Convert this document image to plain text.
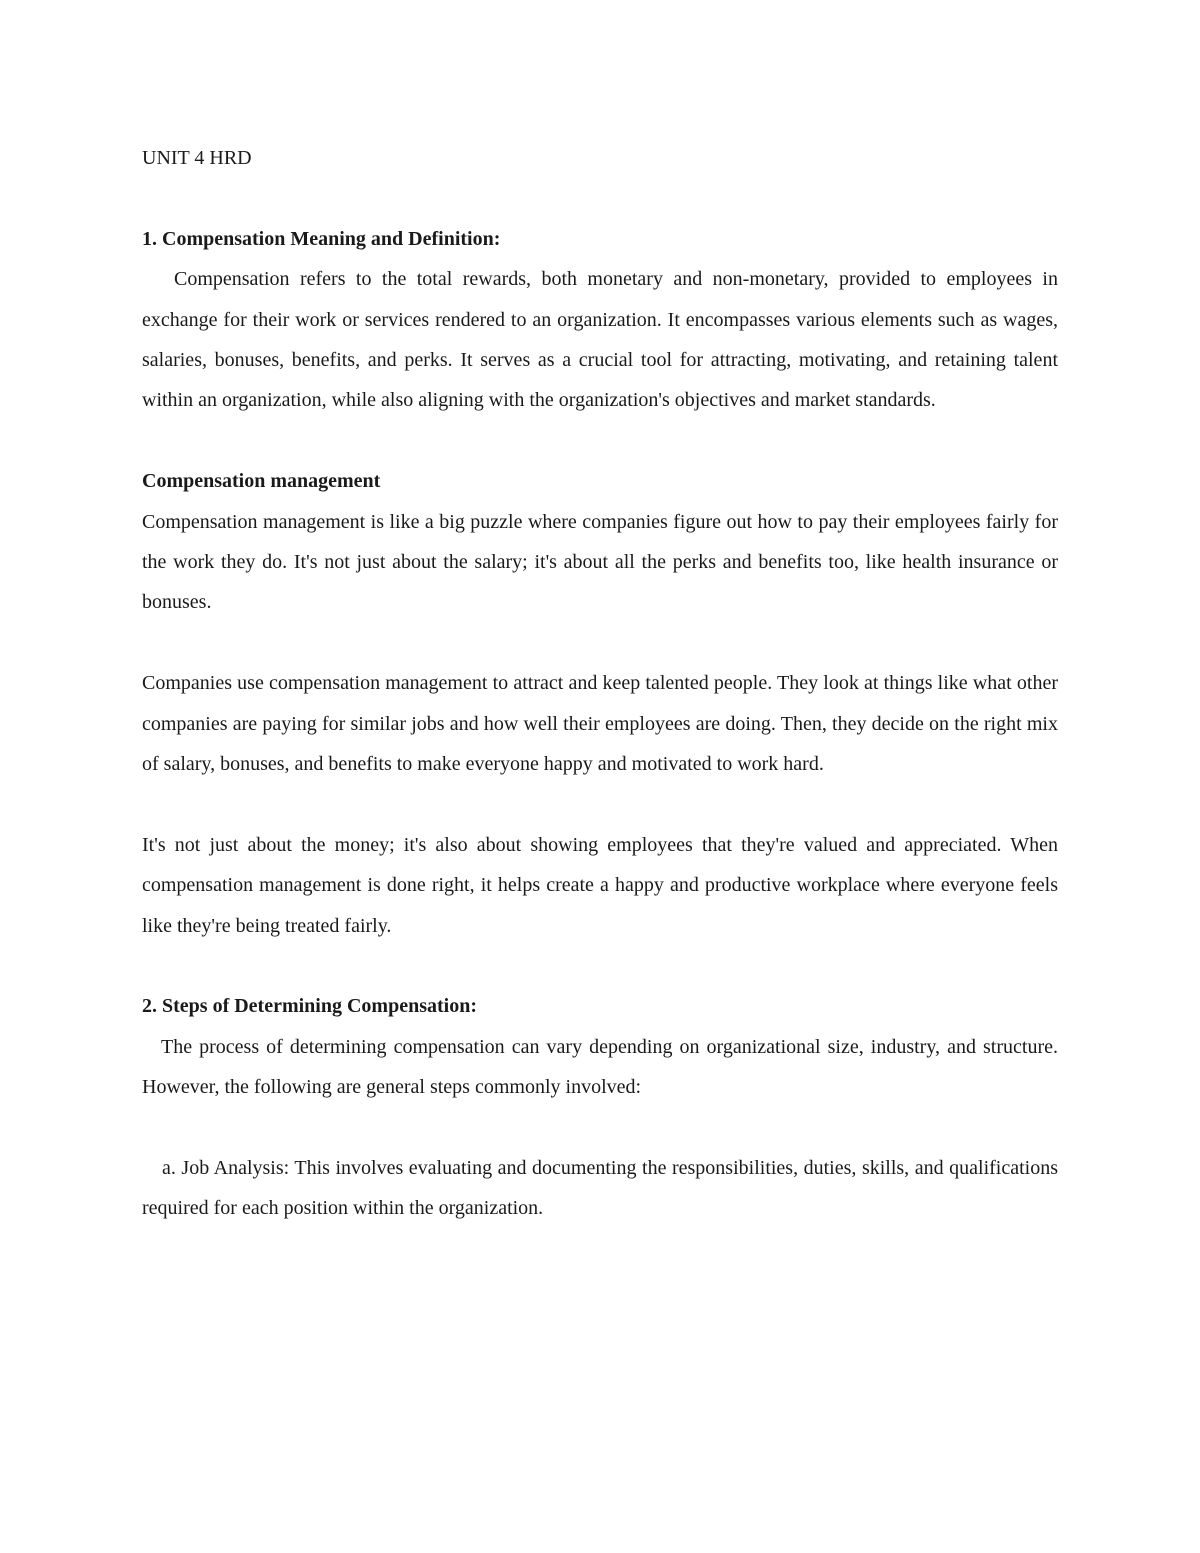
UNIT 4 HRD

1. Compensation Meaning and Definition:

Compensation refers to the total rewards, both monetary and non-monetary, provided to employees in exchange for their work or services rendered to an organization. It encompasses various elements such as wages, salaries, bonuses, benefits, and perks. It serves as a crucial tool for attracting, motivating, and retaining talent within an organization, while also aligning with the organization's objectives and market standards.

Compensation management

Compensation management is like a big puzzle where companies figure out how to pay their employees fairly for the work they do. It's not just about the salary; it's about all the perks and benefits too, like health insurance or bonuses.

Companies use compensation management to attract and keep talented people. They look at things like what other companies are paying for similar jobs and how well their employees are doing. Then, they decide on the right mix of salary, bonuses, and benefits to make everyone happy and motivated to work hard.

It's not just about the money; it's also about showing employees that they're valued and appreciated. When compensation management is done right, it helps create a happy and productive workplace where everyone feels like they're being treated fairly.

2. Steps of Determining Compensation:

The process of determining compensation can vary depending on organizational size, industry, and structure. However, the following are general steps commonly involved:

a. Job Analysis: This involves evaluating and documenting the responsibilities, duties, skills, and qualifications required for each position within the organization.
